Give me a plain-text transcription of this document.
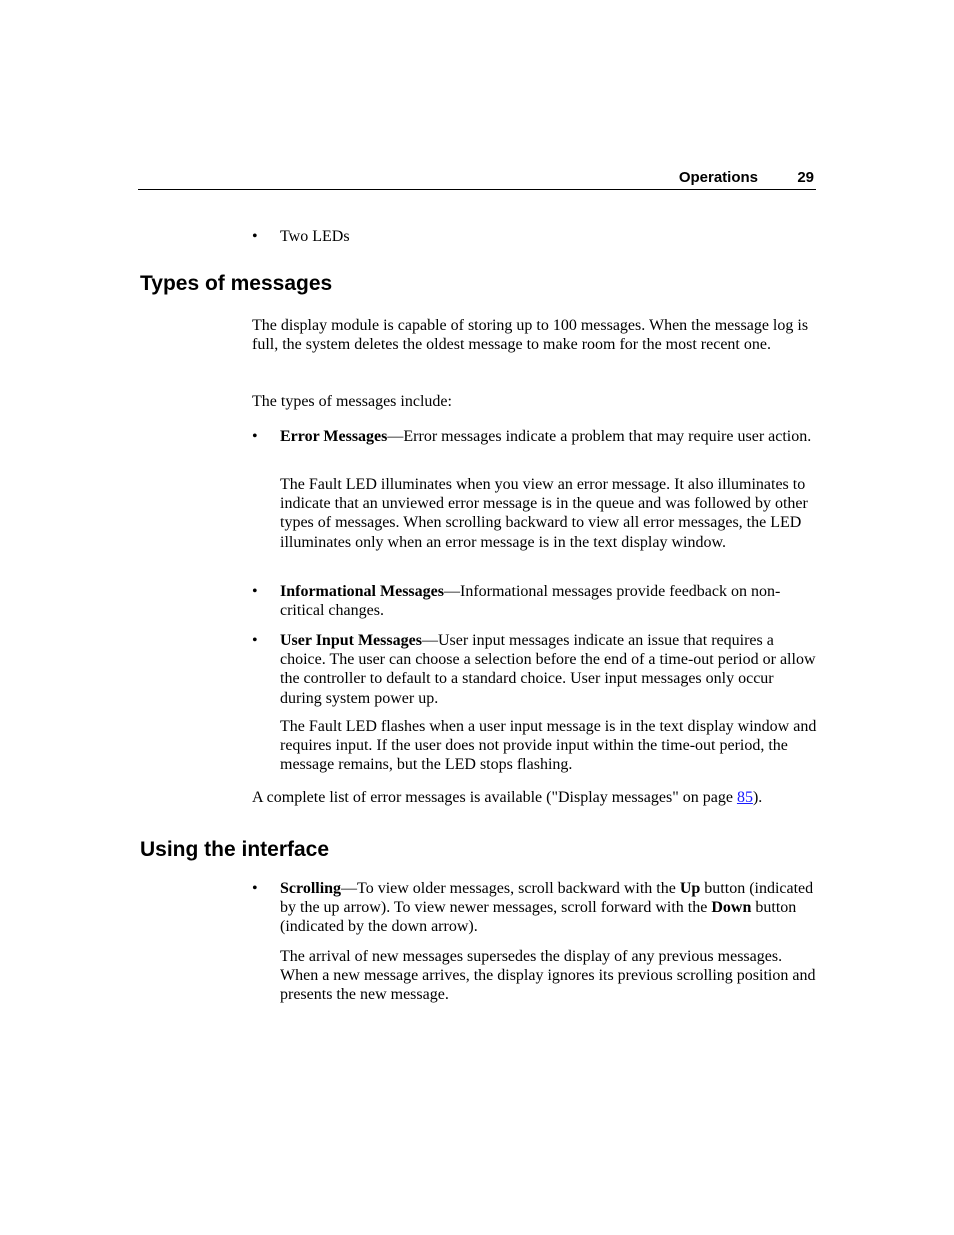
Operations	29
•	Two LEDs
Types of messages

The display module is capable of storing up to 100 messages. When the message log is full, the system deletes the oldest message to make room for the most recent one.

The types of messages include:

•	Error Messages—Error messages indicate a problem that may require user action.

The Fault LED illuminates when you view an error message. It also illuminates to indicate that an unviewed error message is in the queue and was followed by other types of messages. When scrolling backward to view all error messages, the LED illuminates only when an error message is in the text display window.

•	Informational Messages—Informational messages provide feedback on non-critical changes.
•	User Input Messages—User input messages indicate an issue that requires a choice. The user can choose a selection before the end of a time-out period or allow the controller to default to a standard choice. User input messages only occur during system power up.

The Fault LED flashes when a user input message is in the text display window and requires input. If the user does not provide input within the time-out period, the message remains, but the LED stops flashing.

A complete list of error messages is available ("Display messages" on page 85).

Using the interface
•	Scrolling—To view older messages, scroll backward with the Up button (indicated by the up arrow). To view newer messages, scroll forward with the Down button (indicated by the down arrow).

The arrival of new messages supersedes the display of any previous messages. When a new message arrives, the display ignores its previous scrolling position and presents the new message.
